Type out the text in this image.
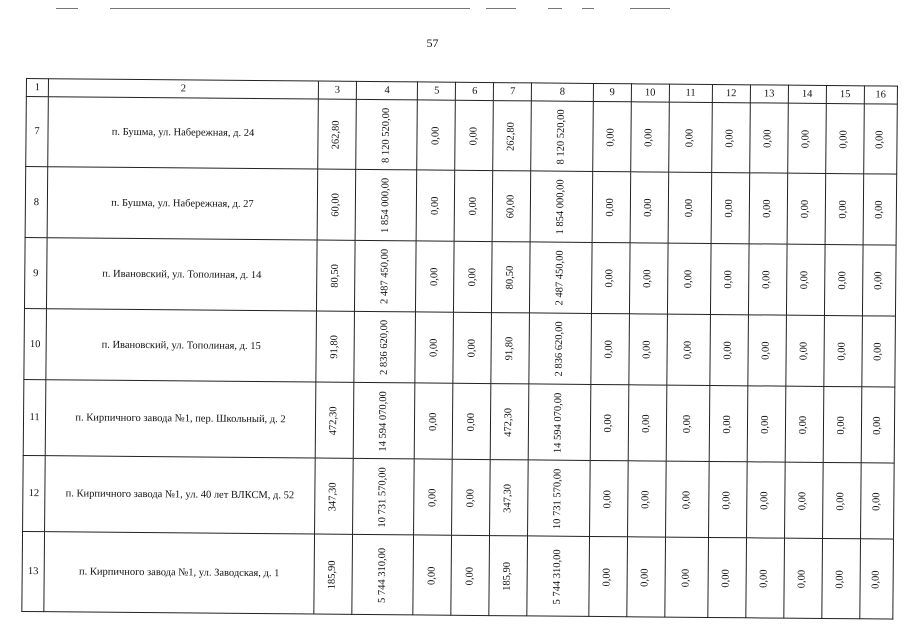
57
1	2	3	4	5	6	7	8	9	10	11	12	13	14	15	16
7	п. Бушма, ул. Набережная, д. 24	262,80	8 120 520,00	0,00	0,00	262,80	8 120 520,00	0,00	0,00	0,00	0,00	0,00	0,00	0,00	0,00
8	п. Бушма, ул. Набережная, д. 27	60,00	1 854 000,00	0,00	0,00	60,00	1 854 000,00	0,00	0,00	0,00	0,00	0,00	0,00	0,00	0,00
9	п. Ивановский, ул. Тополиная, д. 14	80,50	2 487 450,00	0,00	0,00	80,50	2 487 450,00	0,00	0,00	0,00	0,00	0,00	0,00	0,00	0,00
10	п. Ивановский, ул. Тополиная, д. 15	91,80	2 836 620,00	0,00	0,00	91,80	2 836 620,00	0,00	0,00	0,00	0,00	0,00	0,00	0,00	0,00
11	п. Кирпичного завода №1, пер. Школьный, д. 2	472,30	14 594 070,00	0,00	0,00	472,30	14 594 070,00	0,00	0,00	0,00	0,00	0,00	0,00	0,00	0,00
12	п. Кирпичного завода №1, ул. 40 лет ВЛКСМ, д. 52	347,30	10 731 570,00	0,00	0,00	347,30	10 731 570,00	0,00	0,00	0,00	0,00	0,00	0,00	0,00	0,00
13	п. Кирпичного завода №1, ул. Заводская, д. 1	185,90	5 744 310,00	0,00	0,00	185,90	5 744 310,00	0,00	0,00	0,00	0,00	0,00	0,00	0,00	0,00
